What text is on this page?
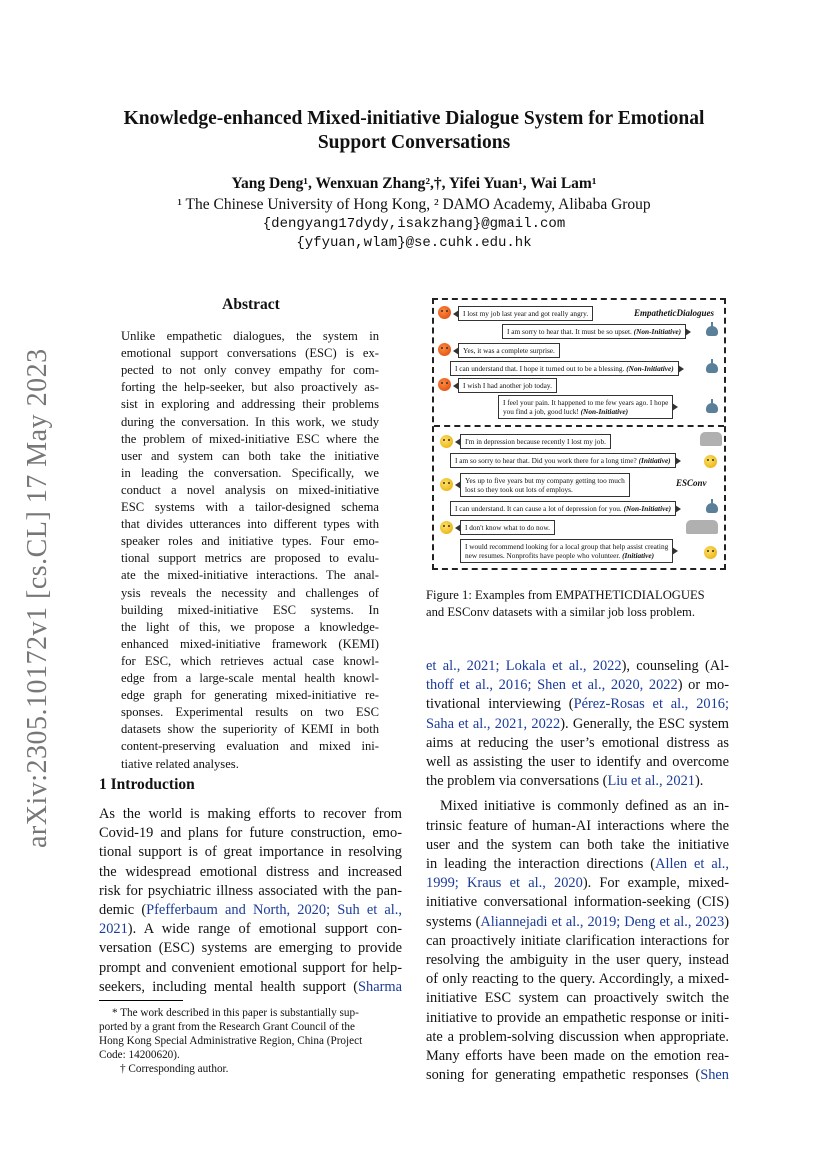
arXiv:2305.10172v1 [cs.CL] 17 May 2023
Knowledge-enhanced Mixed-initiative Dialogue System for Emotional
Support Conversations
Yang Deng¹, Wenxuan Zhang²,†, Yifei Yuan¹, Wai Lam¹
¹ The Chinese University of Hong Kong, ² DAMO Academy, Alibaba Group
{dengyang17dydy,isakzhang}@gmail.com
{yfyuan,wlam}@se.cuhk.edu.hk
Abstract
Unlike empathetic dialogues, the system in
emotional support conversations (ESC) is ex-
pected to not only convey empathy for com-
forting the help-seeker, but also proactively as-
sist in exploring and addressing their problems
during the conversation. In this work, we study
the problem of mixed-initiative ESC where the
user and system can both take the initiative
in leading the conversation. Specifically, we
conduct a novel analysis on mixed-initiative
ESC systems with a tailor-designed schema
that divides utterances into different types with
speaker roles and initiative types. Four emo-
tional support metrics are proposed to evalu-
ate the mixed-initiative interactions. The anal-
ysis reveals the necessity and challenges of
building mixed-initiative ESC systems. In
the light of this, we propose a knowledge-
enhanced mixed-initiative framework (KEMI)
for ESC, which retrieves actual case knowl-
edge from a large-scale mental health knowl-
edge graph for generating mixed-initiative re-
sponses. Experimental results on two ESC
datasets show the superiority of KEMI in both
content-preserving evaluation and mixed ini-
tiative related analyses.
1 Introduction
As the world is making efforts to recover from
Covid-19 and plans for future construction, emo-
tional support is of great importance in resolving
the widespread emotional distress and increased
risk for psychiatric illness associated with the pan-
demic (Pfefferbaum and North, 2020; Suh et al.,
2021). A wide range of emotional support con-
versation (ESC) systems are emerging to provide
prompt and convenient emotional support for help-
seekers, including mental health support (Sharma
et al., 2021; Lokala et al., 2022), counseling (Al-
thoff et al., 2016; Shen et al., 2020, 2022) or mo-
tivational interviewing (Pérez-Rosas et al., 2016;
Saha et al., 2021, 2022). Generally, the ESC system
aims at reducing the user’s emotional distress as
well as assisting the user to identify and overcome
the problem via conversations (Liu et al., 2021).
Mixed initiative is commonly defined as an in-
trinsic feature of human-AI interactions where the
user and the system can both take the initiative
in leading the interaction directions (Allen et al.,
1999; Kraus et al., 2020). For example, mixed-
initiative conversational information-seeking (CIS)
systems (Aliannejadi et al., 2019; Deng et al., 2023)
can proactively initiate clarification interactions for
resolving the ambiguity in the user query, instead
of only reacting to the query. Accordingly, a mixed-
initiative ESC system can proactively switch the
initiative to provide an empathetic response or initi-
ate a problem-solving discussion when appropriate.
Many efforts have been made on the emotion rea-
soning for generating empathetic responses (Shen
* The work described in this paper is substantially sup-
ported by a grant from the Research Grant Council of the
Hong Kong Special Administrative Region, China (Project
Code: 14200620).
† Corresponding author.
EmpatheticDialogues
I lost my job last year and got really angry.
I am sorry to hear that. It must be so upset. (Non-Initiative)
Yes, it was a complete surprise.
I can understand that. I hope it turned out to be a blessing. (Non-Initiative)
I wish I had another job today.
I feel your pain. It happened to me few years ago. I hope
you find a job, good luck! (Non-Initiative)
I'm in depression because recently I lost my job.
I am so sorry to hear that. Did you work there for a long time? (Initiative)
Yes up to five years but my company getting too much
lost so they took out lots of employs.
ESConv
I can understand. It can cause a lot of depression for you. (Non-Initiative)
I don't know what to do now.
I would recommend looking for a local group that help assist creating
new resumes. Nonprofits have people who volunteer. (Initiative)
Figure 1: Examples from EMPATHETICDIALOGUES
and ESConv datasets with a similar job loss problem.
